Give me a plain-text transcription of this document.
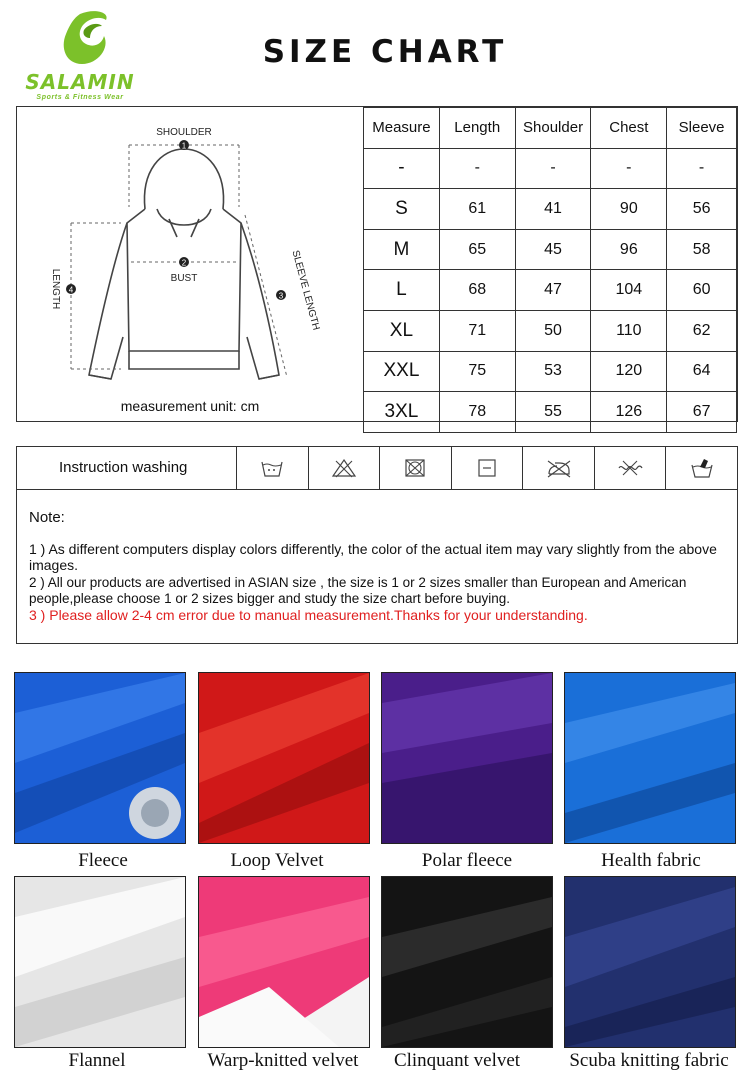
SALAMIN
Sports & Fitness Wear
SIZE CHART
1
2
3
4
SHOULDER
BUST
LENGTH	SLEEVE LENGTH
measurement unit: cm
Measure	Length	Shoulder	Chest	Sleeve
-	-	-	-	-
S	61	41	90	56
M	65	45	96	58
L	68	47	104	60
XL	71	50	110	62
XXL	75	53	120	64
3XL	78	55	126	67
Instruction washing
Note:
1 ) As different computers display colors differently, the color of the actual item may vary slightly from the above images.
2 ) All our products are advertised in ASIAN size , the size is 1 or 2 sizes smaller than European and American people,please choose 1 or 2 sizes bigger and study the size chart before buying.
3 ) Please allow 2-4 cm error due to manual measurement.Thanks for your understanding.
Fleece	Loop Velvet	Polar fleece	Health fabric
Flannel	Warp-knitted velvet	Clinquant velvet	Scuba knitting fabric
